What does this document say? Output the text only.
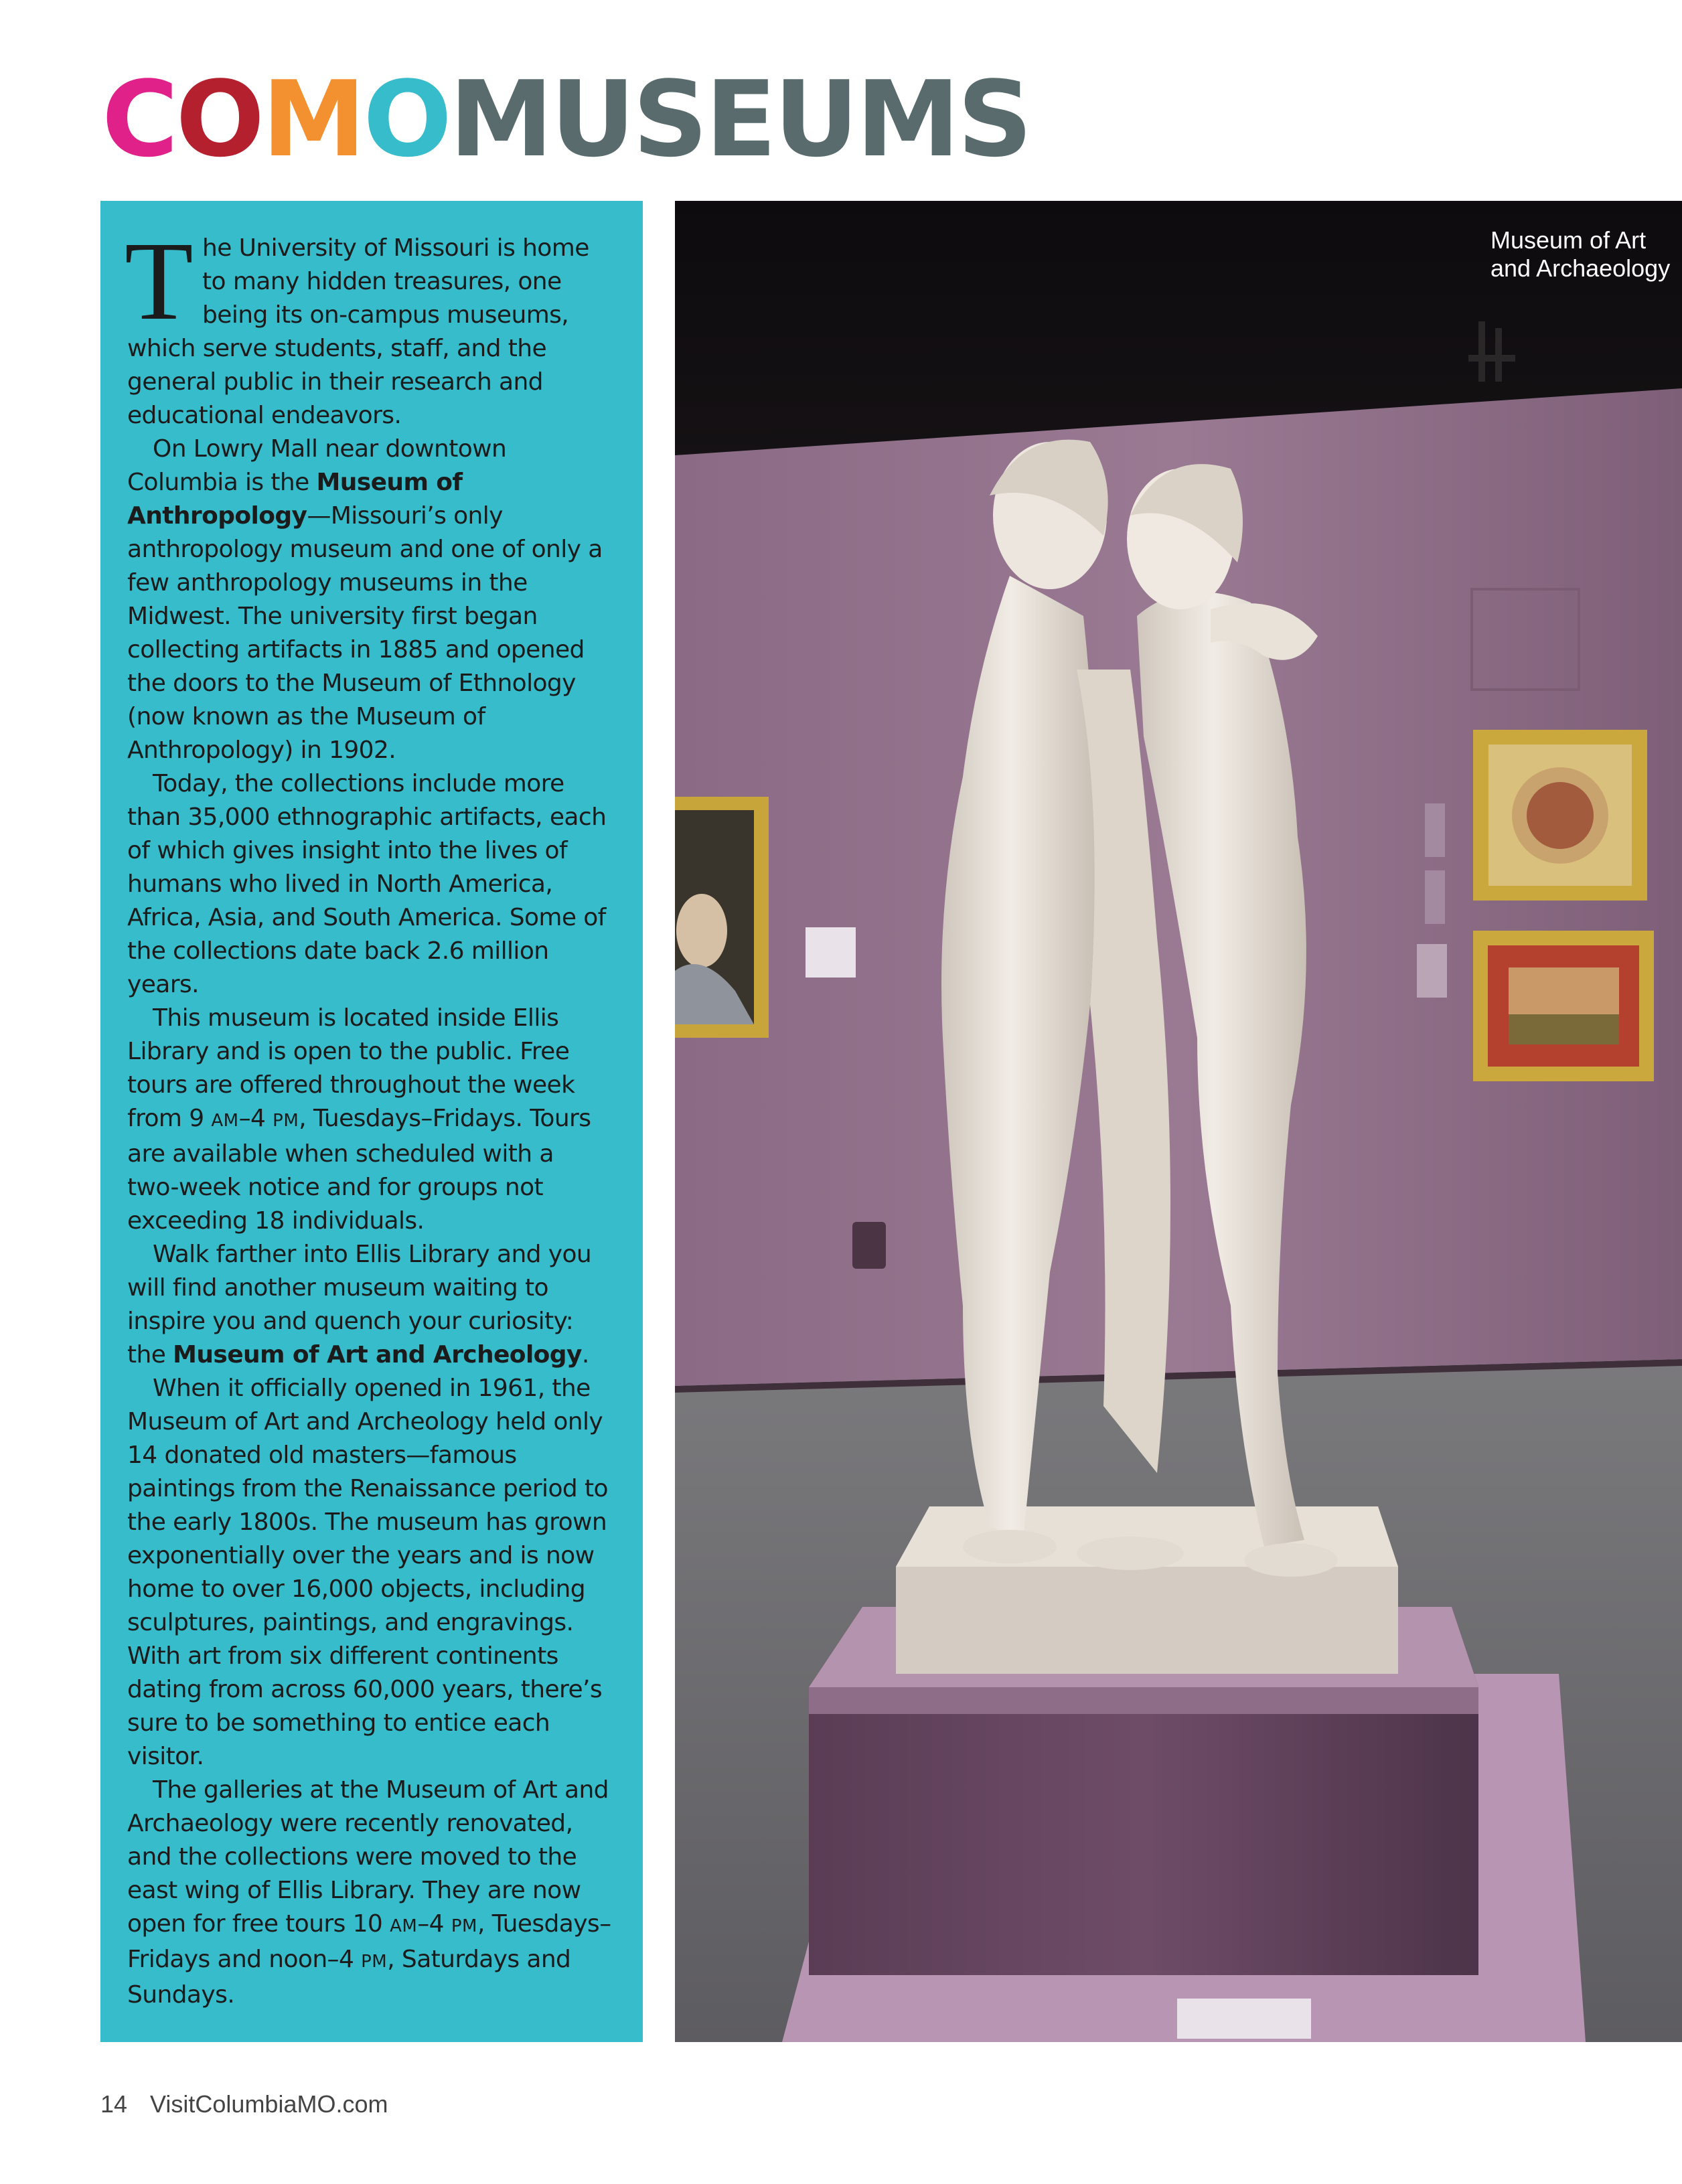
COMOMUSEUMS

The University of Missouri is home to many hidden treasures, one being its on-campus museums, which serve students, staff, and the general public in their research and educational endeavors.

On Lowry Mall near downtown Columbia is the Museum of Anthropology—Missouri’s only anthropology museum and one of only a few anthropology museums in the Midwest. The university first began collecting artifacts in 1885 and opened the doors to the Museum of Ethnology (now known as the Museum of Anthropology) in 1902.

Today, the collections include more than 35,000 ethnographic artifacts, each of which gives insight into the lives of humans who lived in North America, Africa, Asia, and South America. Some of the collections date back 2.6 million years.

This museum is located inside Ellis Library and is open to the public. Free tours are offered throughout the week from 9 AM–4 PM, Tuesdays–Fridays. Tours are available when scheduled with a two-week notice and for groups not exceeding 18 individuals.

Walk farther into Ellis Library and you will find another museum waiting to inspire you and quench your curiosity: the Museum of Art and Archeology.

When it officially opened in 1961, the Museum of Art and Archeology held only 14 donated old masters—famous paintings from the Renaissance period to the early 1800s. The museum has grown exponentially over the years and is now home to over 16,000 objects, including sculptures, paintings, and engravings. With art from six different continents dating from across 60,000 years, there’s sure to be something to entice each visitor.

The galleries at the Museum of Art and Archaeology were recently renovated, and the collections were moved to the east wing of Ellis Library. They are now open for free tours 10 AM–4 PM, Tuesdays–Fridays and noon–4 PM, Saturdays and Sundays.

Museum of Art and Archaeology
14 VisitColumbiaMO.com
